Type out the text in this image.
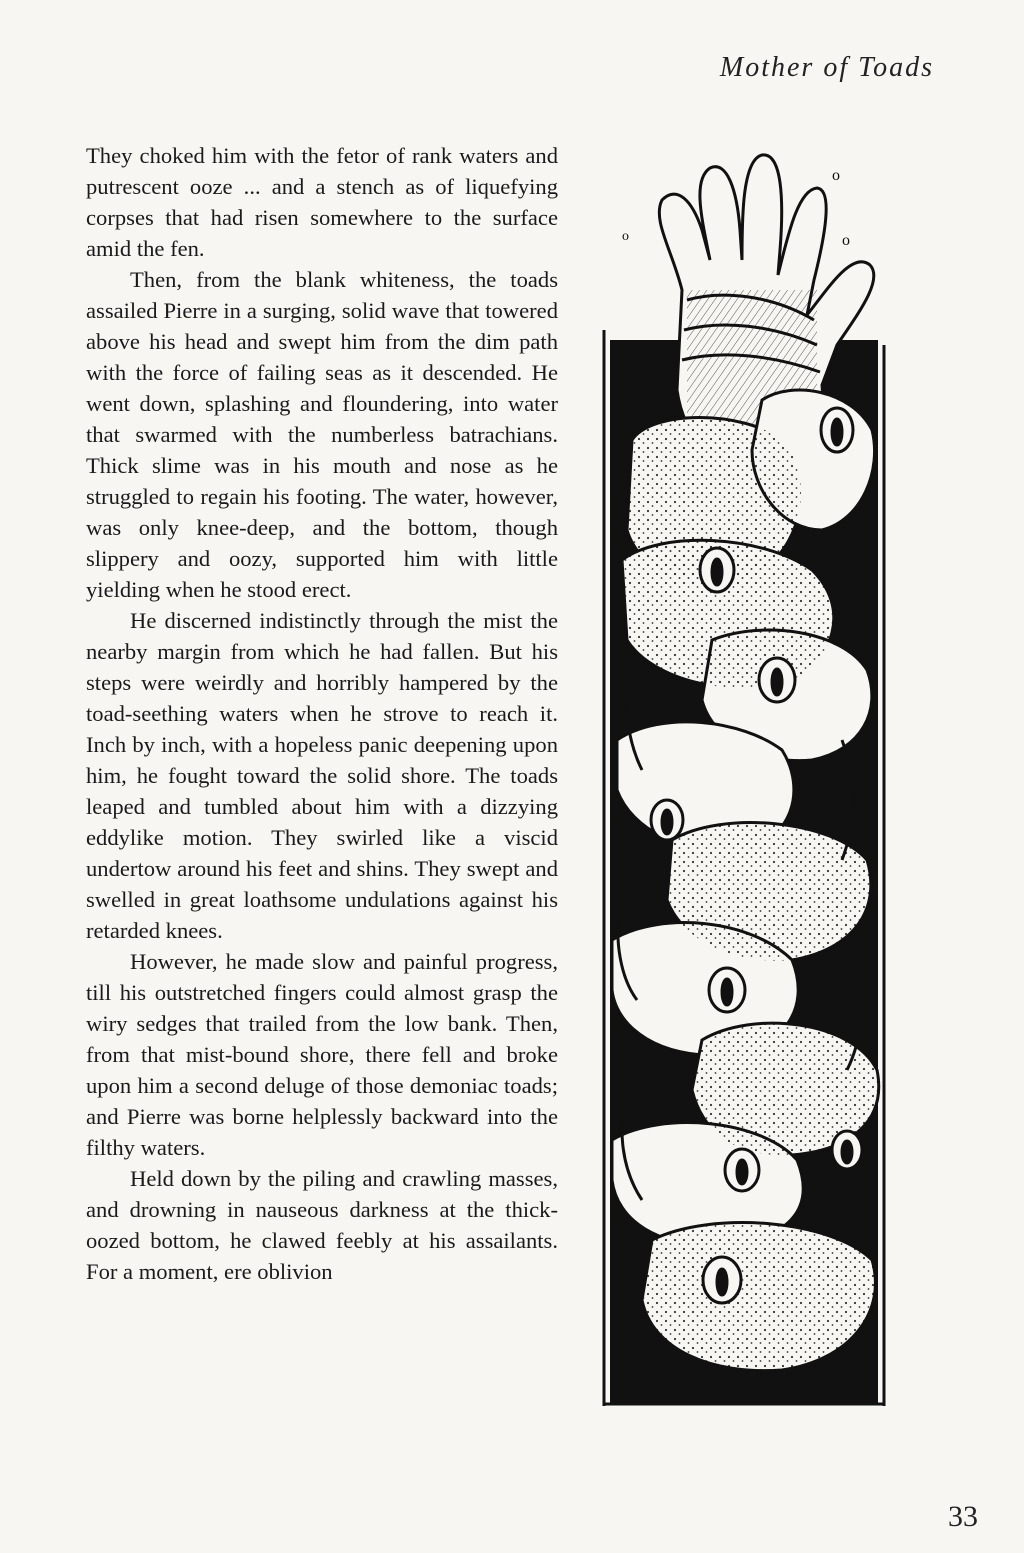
Mother of Toads

They choked him with the fetor of rank waters and putrescent ooze ... and a stench as of liquefying corpses that had risen somewhere to the surface amid the fen.

Then, from the blank whiteness, the toads assailed Pierre in a surging, solid wave that towered above his head and swept him from the dim path with the force of failing seas as it descended. He went down, splashing and floundering, into water that swarmed with the numberless batrachians. Thick slime was in his mouth and nose as he struggled to regain his footing. The water, however, was only knee-deep, and the bottom, though slippery and oozy, supported him with little yielding when he stood erect.

He discerned indistinctly through the mist the nearby margin from which he had fallen. But his steps were weirdly and horribly hampered by the toad-seething waters when he strove to reach it. Inch by inch, with a hopeless panic deepening upon him, he fought toward the solid shore. The toads leaped and tumbled about him with a dizzying eddylike motion. They swirled like a viscid undertow around his feet and shins. They swept and swelled in great loathsome undulations against his retarded knees.

However, he made slow and painful progress, till his outstretched fingers could almost grasp the wiry sedges that trailed from the low bank. Then, from that mist-bound shore, there fell and broke upon him a second deluge of those demoniac toads; and Pierre was borne helplessly backward into the filthy waters.

Held down by the piling and crawling masses, and drowning in nauseous darkness at the thick-oozed bottom, he clawed feebly at his assailants. For a moment, ere oblivion

o
o	o
33
